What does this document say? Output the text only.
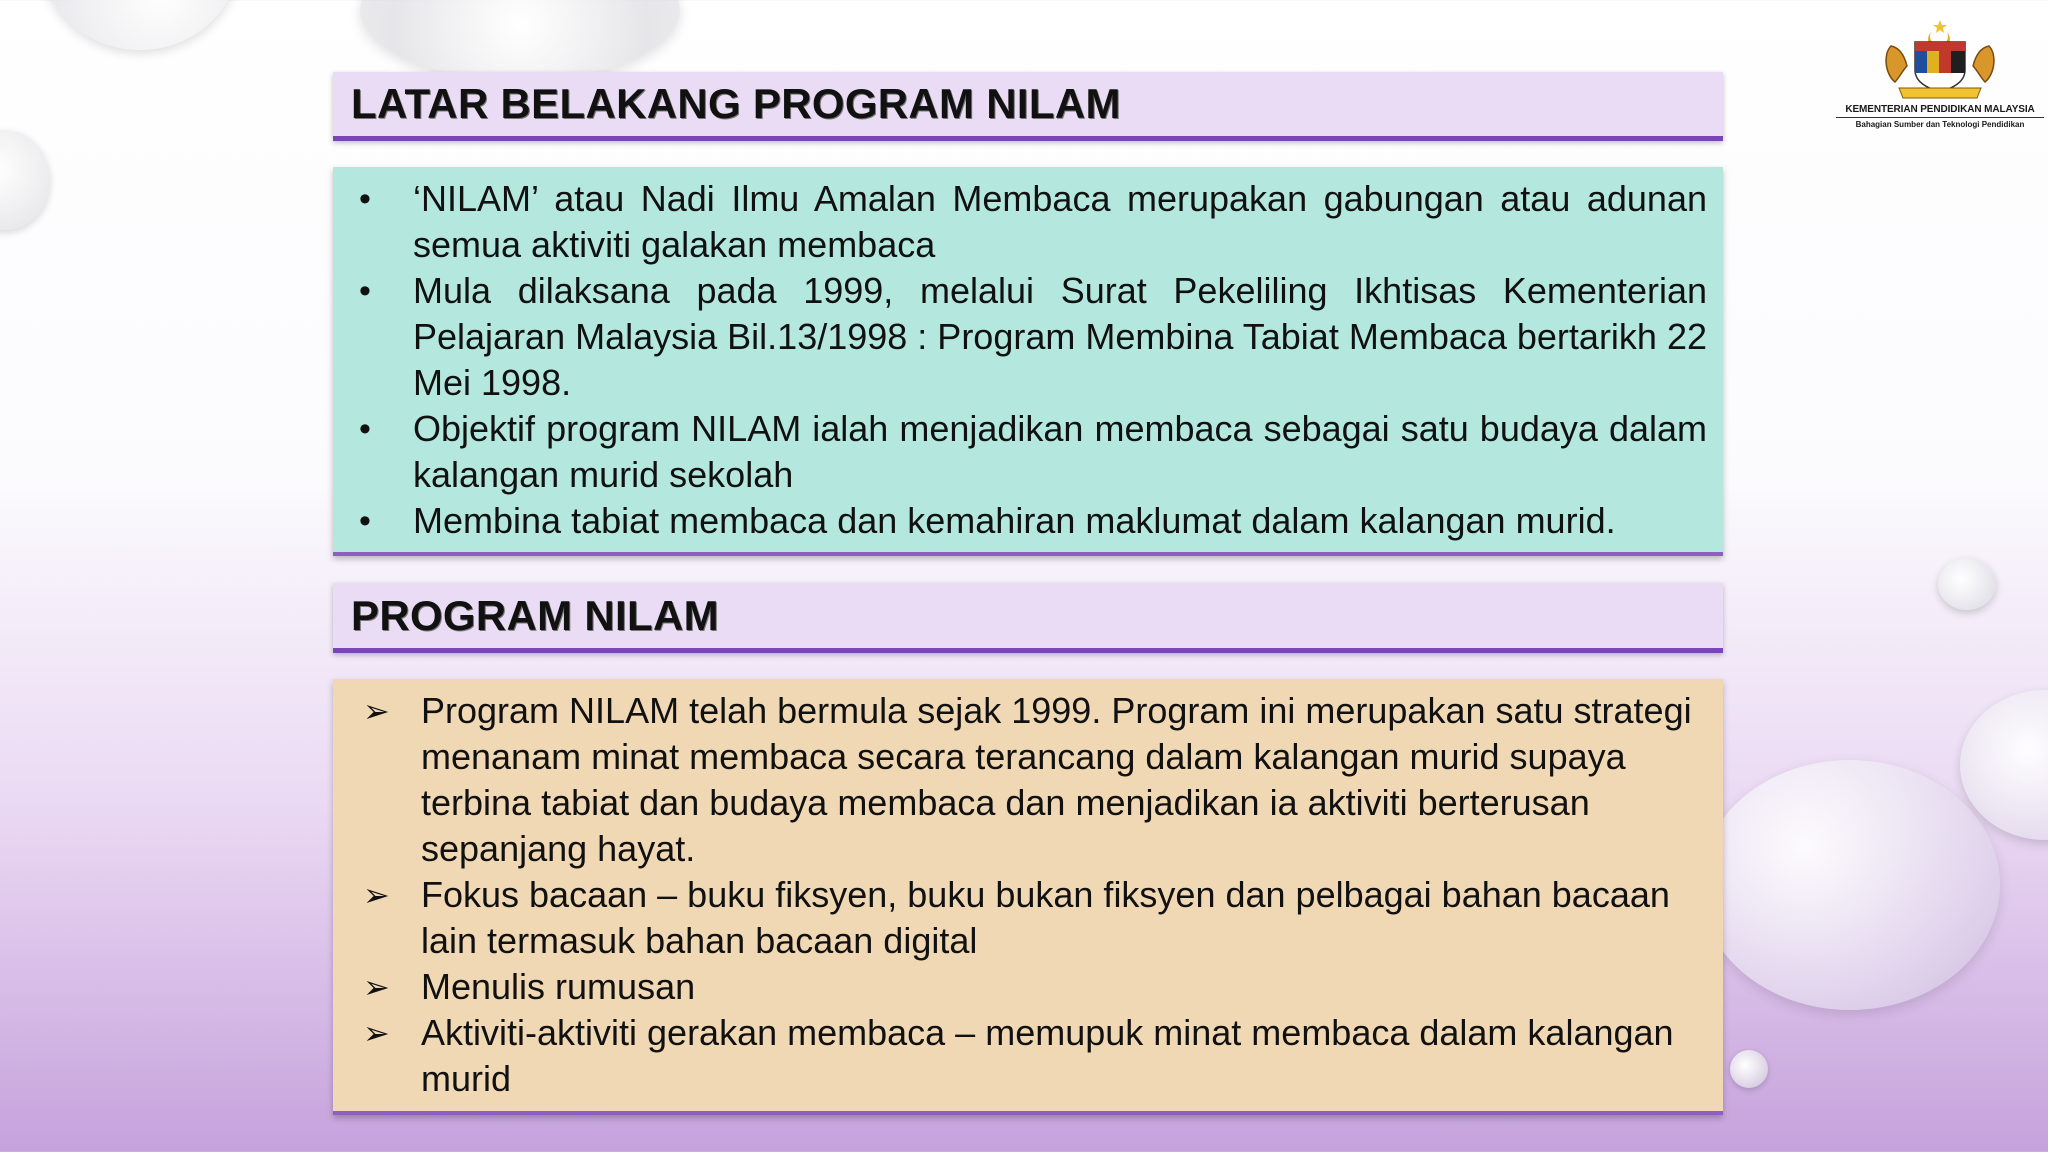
KEMENTERIAN PENDIDIKAN MALAYSIA
Bahagian Sumber dan Teknologi Pendidikan
LATAR BELAKANG PROGRAM NILAM
• ‘NILAM’ atau Nadi Ilmu Amalan Membaca merupakan gabungan atau adunan semua aktiviti galakan membaca
• Mula dilaksana pada 1999, melalui Surat Pekeliling Ikhtisas Kementerian Pelajaran Malaysia Bil.13/1998 : Program Membina Tabiat Membaca bertarikh 22 Mei 1998.
• Objektif program NILAM ialah menjadikan membaca sebagai satu budaya dalam kalangan murid sekolah
• Membina tabiat membaca dan kemahiran maklumat dalam kalangan murid.
PROGRAM NILAM
➢ Program NILAM telah bermula sejak 1999. Program ini merupakan satu strategi menanam minat membaca secara terancang dalam kalangan murid supaya terbina tabiat dan budaya membaca dan menjadikan ia aktiviti berterusan sepanjang hayat.
➢ Fokus bacaan – buku fiksyen, buku bukan fiksyen dan pelbagai bahan bacaan lain termasuk bahan bacaan digital
➢ Menulis rumusan
➢ Aktiviti-aktiviti gerakan membaca – memupuk minat membaca dalam kalangan murid
